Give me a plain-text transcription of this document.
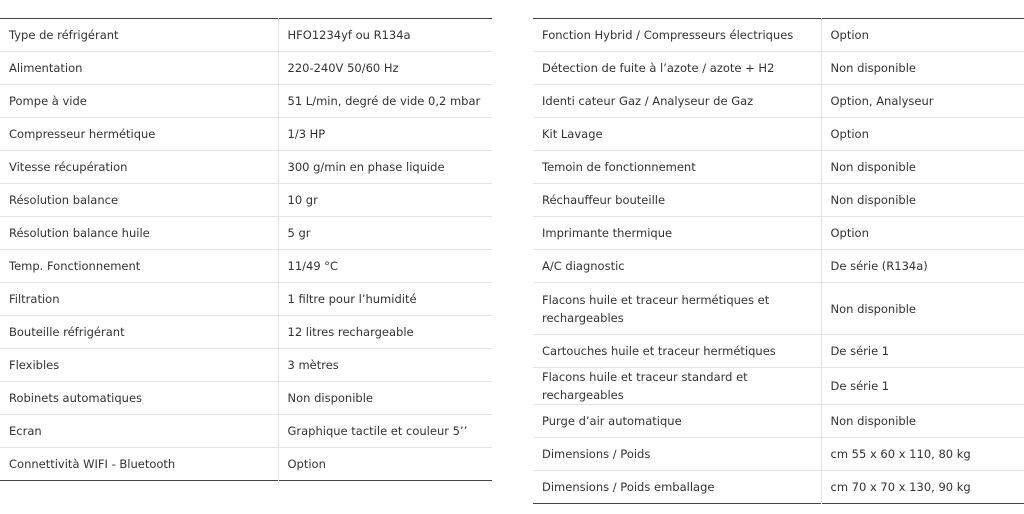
Type de réfrigérant	HFO1234yf ou R134a
Alimentation	220-240V 50/60 Hz
Pompe à vide	51 L/min, degré de vide 0,2 mbar
Compresseur hermétique	1/3 HP
Vitesse récupération	300 g/min en phase liquide
Résolution balance	10 gr
Résolution balance huile	5 gr
Temp. Fonctionnement	11/49 °C
Filtration	1 filtre pour l’humidité
Bouteille réfrigérant	12 litres rechargeable
Flexibles	3 mètres
Robinets automatiques	Non disponible
Ecran	Graphique tactile et couleur 5’’
Connettività WIFI - Bluetooth	Option
Fonction Hybrid / Compresseurs électriques	Option
Détection de fuite à l’azote / azote + H2	Non disponible
Identi cateur Gaz / Analyseur de Gaz	Option, Analyseur
Kit Lavage	Option
Temoin de fonctionnement	Non disponible
Réchauffeur bouteille	Non disponible
Imprimante thermique	Option
A/C diagnostic	De série (R134a)
Flacons huile et traceur hermétiques et rechargeables	Non disponible
Cartouches huile et traceur hermétiques	De série 1
Flacons huile et traceur standard et rechargeables	De série 1
Purge d’air automatique	Non disponible
Dimensions / Poids	cm 55 x 60 x 110, 80 kg
Dimensions / Poids emballage	cm 70 x 70 x 130, 90 kg
